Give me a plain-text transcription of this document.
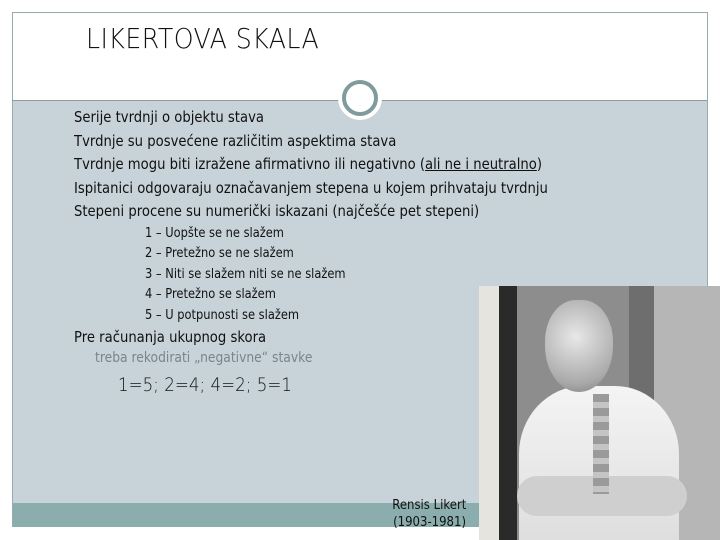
LIKERTOVA SKALA
Serije tvrdnji o objektu stava
Tvrdnje su posvećene različitim aspektima stava
Tvrdnje mogu biti izražene afirmativno ili negativno (ali ne i neutralno)
Ispitanici odgovaraju označavanjem stepena u kojem prihvataju tvrdnju
Stepeni procene su numerički iskazani (najčešće pet stepeni)
1 – Uopšte se ne slažem
2 – Pretežno se ne slažem
3 – Niti se slažem niti se ne slažem
4 – Pretežno se slažem
5 – U potpunosti se slažem
Pre računanja ukupnog skora
treba rekodirati „negativne“ stavke
1=5; 2=4; 4=2; 5=1
Rensis Likert
(1903-1981)
